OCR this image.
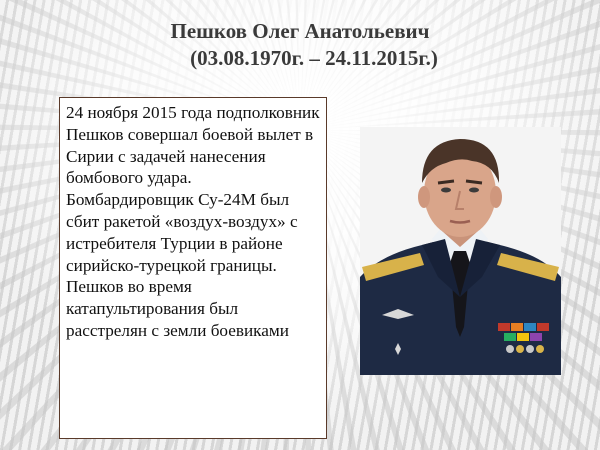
Пешков Олег Анатольевич
(03.08.1970г. – 24.11.2015г.)

24 ноября 2015 года подполковник Пешков совершал боевой вылет в Сирии с задачей нанесения бомбового удара. Бомбардировщик Су-24М был сбит ракетой «воздух-воздух» с истребителя Турции в районе сирийско-турецкой границы.

Пешков во время катапультирования был расстрелян с земли боевиками
